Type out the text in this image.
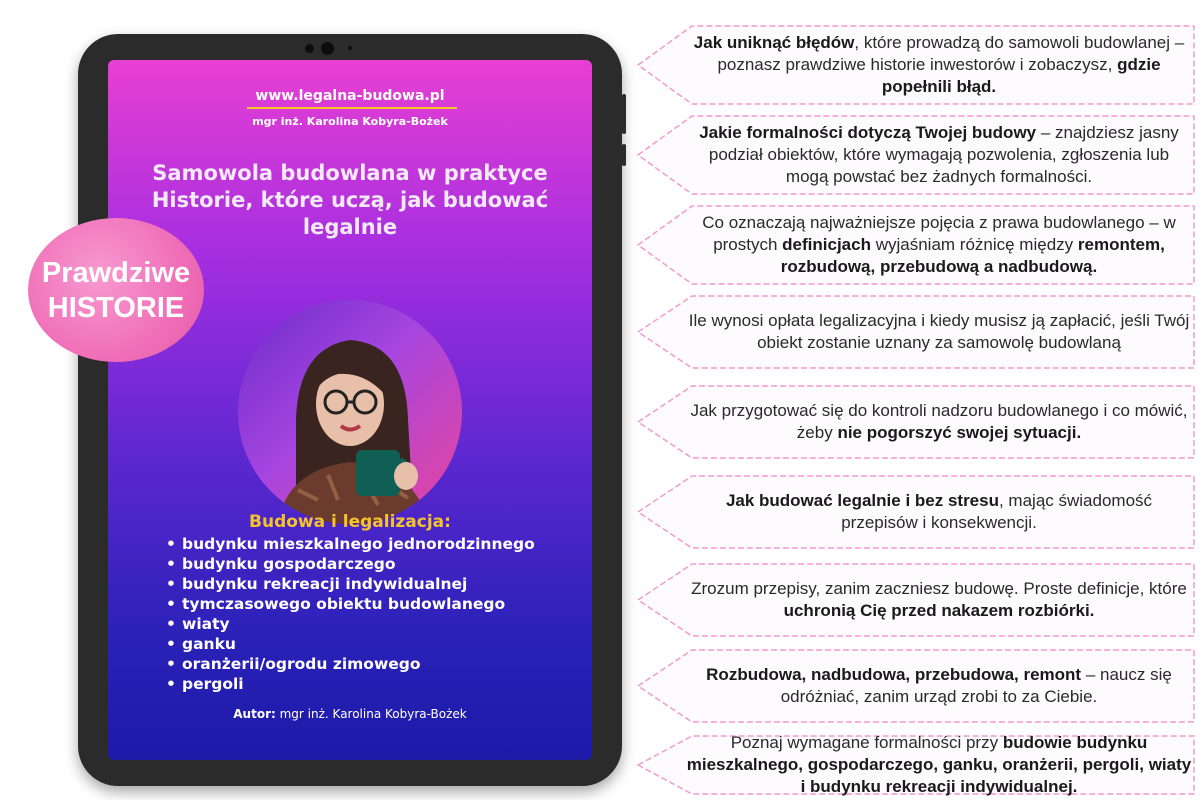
www.legalna-budowa.pl
mgr inż. Karolina Kobyra-Bożek
Samowola budowlana w praktyce
Historie, które uczą, jak budować
legalnie
Budowa i legalizacja:
• budynku mieszkalnego jednorodzinnego
• budynku gospodarczego
• budynku rekreacji indywidualnej
• tymczasowego obiektu budowlanego
• wiaty
• ganku
• oranżerii/ogrodu zimowego
• pergoli
Autor: mgr inż. Karolina Kobyra-Bożek
Prawdziwe
HISTORIE
Jak uniknąć błędów, które prowadzą do samowoli budowlanej – poznasz prawdziwe historie inwestorów i zobaczysz, gdzie popełnili błąd.
Jakie formalności dotyczą Twojej budowy – znajdziesz jasny podział obiektów, które wymagają pozwolenia, zgłoszenia lub mogą powstać bez żadnych formalności.
Co oznaczają najważniejsze pojęcia z prawa budowlanego – w prostych definicjach wyjaśniam różnicę między remontem, rozbudową, przebudową a nadbudową.
Ile wynosi opłata legalizacyjna i kiedy musisz ją zapłacić, jeśli Twój obiekt zostanie uznany za samowolę budowlaną
Jak przygotować się do kontroli nadzoru budowlanego i co mówić, żeby nie pogorszyć swojej sytuacji.
Jak budować legalnie i bez stresu, mając świadomość przepisów i konsekwencji.
Zrozum przepisy, zanim zaczniesz budowę. Proste definicje, które uchronią Cię przed nakazem rozbiórki.
Rozbudowa, nadbudowa, przebudowa, remont – naucz się odróżniać, zanim urząd zrobi to za Ciebie.
Poznaj wymagane formalności przy budowie budynku mieszkalnego, gospodarczego, ganku, oranżerii, pergoli, wiaty i budynku rekreacji indywidualnej.
